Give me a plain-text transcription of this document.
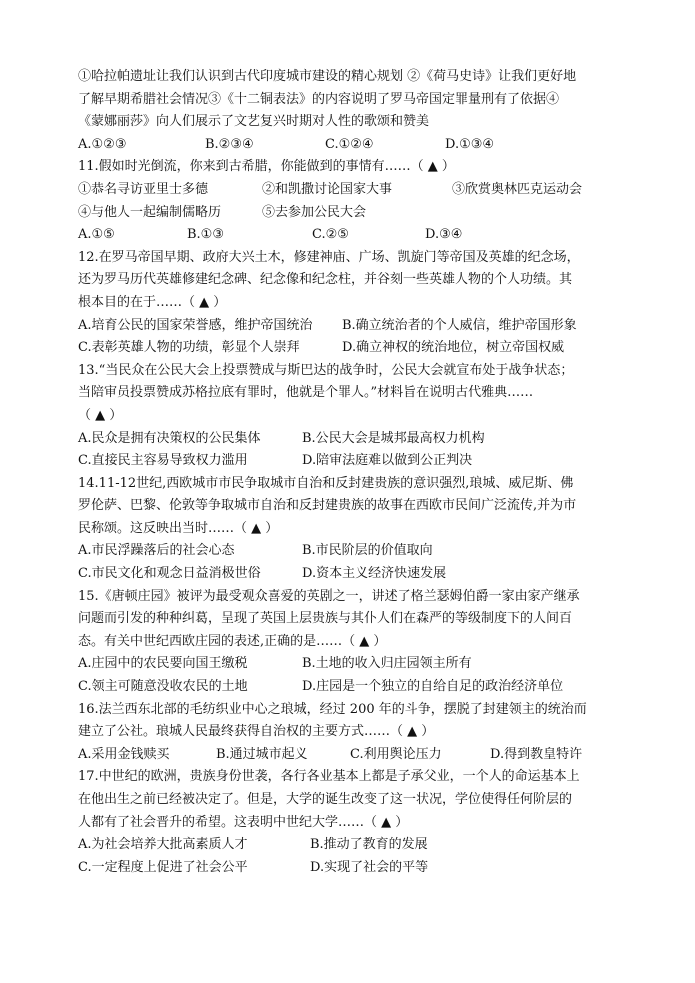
①哈拉帕遗址让我们认识到古代印度城市建设的精心规划 ②《荷马史诗》让我们更好地
了解早期希腊社会情况③《十二铜表法》的内容说明了罗马帝国定罪量刑有了依据④
《蒙娜丽莎》向人们展示了文艺复兴时期对人性的歌颂和赞美
A.①②③	B.②③④	C.①②④	D.①③④
11.假如时光倒流，你来到古希腊，你能做到的事情有……（ ▲ ）
①恭名寻访亚里士多德	②和凯撒讨论国家大事	③欣赏奥林匹克运动会
④与他人一起编制儒略历	⑤去参加公民大会
A.①⑤	B.①③	C.②⑤	D.③④
12.在罗马帝国早期、政府大兴土木，修建神庙、广场、凯旋门等帝国及英雄的纪念场，
还为罗马历代英雄修建纪念碑、纪念像和纪念柱，并谷刻一些英雄人物的个人功绩。其
根本目的在于……（ ▲ ）
A.培育公民的国家荣誉感，维护帝国统治	B.确立统治者的个人威信，维护帝国形象
C.表彰英雄人物的功绩，彰显个人崇拜	D.确立神权的统治地位，树立帝国权威
13.“当民众在公民大会上投票赞成与斯巴达的战争时，公民大会就宣布处于战争状态；
当陪审员投票赞成苏格拉底有罪时，他就是个罪人。”材料旨在说明古代雅典……
（ ▲ ）
A.民众是拥有决策权的公民集体	B.公民大会是城邦最高权力机构
C.直接民主容易导致权力滥用	D.陪审法庭难以做到公正判决
14.11-12世纪,西欧城市市民争取城市自治和反封建贵族的意识强烈,琅城、威尼斯、佛
罗伦萨、巴黎、伦敦等争取城市自治和反封建贵族的故事在西欧市民间广泛流传,并为市
民称颂。这反映出当时……（ ▲ ）
A.市民浮躁落后的社会心态	B.市民阶层的价值取向
C.市民文化和观念日益消极世俗	D.资本主义经济快速发展
15.《唐顿庄园》被评为最受观众喜爱的英剧之一，讲述了格兰瑟姆伯爵一家由家产继承
问题而引发的种种纠葛，呈现了英国上层贵族与其仆人们在森严的等级制度下的人间百
态。有关中世纪西欧庄园的表述,正确的是……（ ▲ ）
A.庄园中的农民要向国王缴税	B.土地的收入归庄园领主所有
C.领主可随意没收农民的土地	D.庄园是一个独立的自给自足的政治经济单位
16.法兰西东北部的毛纺织业中心之琅城，经过 200 年的斗争，摆脱了封建领主的统治而
建立了公社。琅城人民最终获得自治权的主要方式……（ ▲ ）
A.采用金钱赎买	B.通过城市起义	C.利用舆论压力	D.得到教皇特许
17.中世纪的欧洲，贵族身份世袭，各行各业基本上都是子承父业，一个人的命运基本上
在他出生之前已经被决定了。但是，大学的诞生改变了这一状况，学位使得任何阶层的
人都有了社会晋升的希望。这表明中世纪大学……（ ▲ ）
A.为社会培养大批高素质人才	B.推动了教育的发展
C.一定程度上促进了社会公平	D.实现了社会的平等
